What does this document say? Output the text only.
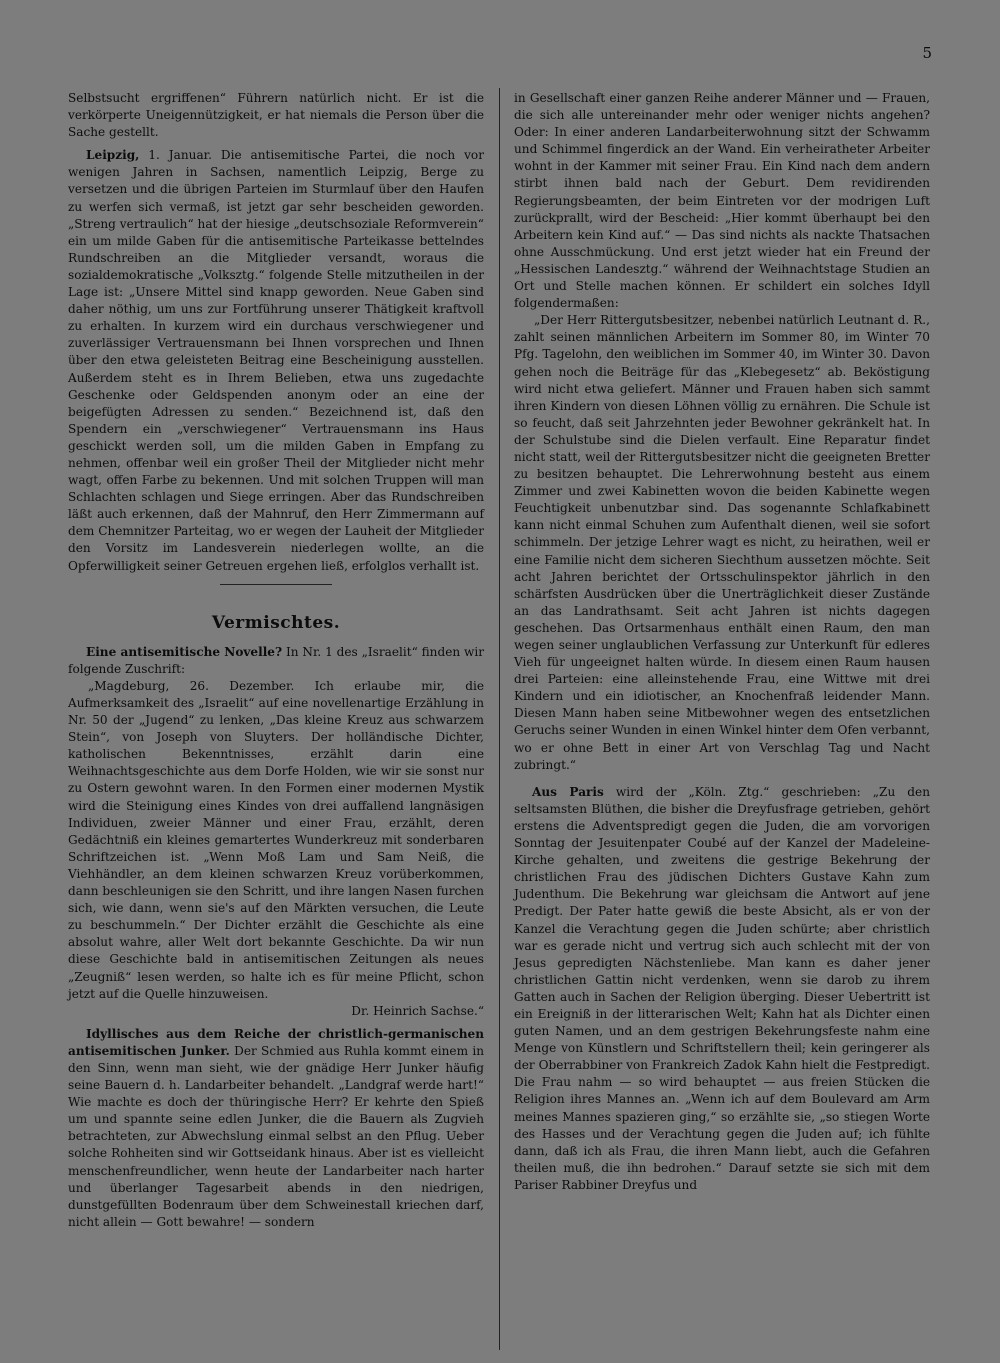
5

Selbstsucht ergriffenen“ Führern natürlich nicht. Er ist die verkörperte Uneigennützigkeit, er hat niemals die Person über die Sache gestellt.

Leipzig, 1. Januar. Die antisemitische Partei, die noch vor wenigen Jahren in Sachsen, namentlich Leipzig, Berge zu versetzen und die übrigen Parteien im Sturmlauf über den Haufen zu werfen sich vermaß, ist jetzt gar sehr bescheiden geworden. „Streng vertraulich“ hat der hiesige „deutschsoziale Reformverein“ ein um milde Gaben für die antisemitische Parteikasse bettelndes Rundschreiben an die Mitglieder versandt, woraus die sozialdemokratische „Volksztg.“ folgende Stelle mitzutheilen in der Lage ist: „Unsere Mittel sind knapp geworden. Neue Gaben sind daher nöthig, um uns zur Fortführung unserer Thätigkeit kraftvoll zu erhalten. In kurzem wird ein durchaus verschwiegener und zuverlässiger Vertrauensmann bei Ihnen vorsprechen und Ihnen über den etwa geleisteten Beitrag eine Bescheinigung ausstellen. Außerdem steht es in Ihrem Belieben, etwa uns zugedachte Geschenke oder Geldspenden anonym oder an eine der beigefügten Adressen zu senden.“ Bezeichnend ist, daß den Spendern ein „verschwiegener“ Vertrauensmann ins Haus geschickt werden soll, um die milden Gaben in Empfang zu nehmen, offenbar weil ein großer Theil der Mitglieder nicht mehr wagt, offen Farbe zu bekennen. Und mit solchen Truppen will man Schlachten schlagen und Siege erringen. Aber das Rundschreiben läßt auch erkennen, daß der Mahnruf, den Herr Zimmermann auf dem Chemnitzer Parteitag, wo er wegen der Lauheit der Mitglieder den Vorsitz im Landesverein niederlegen wollte, an die Opferwilligkeit seiner Getreuen ergehen ließ, erfolglos verhallt ist.

Vermischtes.

Eine antisemitische Novelle? In Nr. 1 des „Israelit“ finden wir folgende Zuschrift:

„Magdeburg, 26. Dezember. Ich erlaube mir, die Aufmerksamkeit des „Israelit“ auf eine novellenartige Erzählung in Nr. 50 der „Jugend“ zu lenken, „Das kleine Kreuz aus schwarzem Stein“, von Joseph von Sluyters. Der holländische Dichter, katholischen Bekenntnisses, erzählt darin eine Weihnachtsgeschichte aus dem Dorfe Holden, wie wir sie sonst nur zu Ostern gewohnt waren. In den Formen einer modernen Mystik wird die Steinigung eines Kindes von drei auffallend langnäsigen Individuen, zweier Männer und einer Frau, erzählt, deren Gedächtniß ein kleines gemartertes Wunderkreuz mit sonderbaren Schriftzeichen ist. „Wenn Moß Lam und Sam Neiß, die Viehhändler, an dem kleinen schwarzen Kreuz vorüberkommen, dann beschleunigen sie den Schritt, und ihre langen Nasen furchen sich, wie dann, wenn sie's auf den Märkten versuchen, die Leute zu beschummeln.“ Der Dichter erzählt die Geschichte als eine absolut wahre, aller Welt dort bekannte Geschichte. Da wir nun diese Geschichte bald in antisemitischen Zeitungen als neues „Zeugniß“ lesen werden, so halte ich es für meine Pflicht, schon jetzt auf die Quelle hinzuweisen.

Dr. Heinrich Sachse.“

Idyllisches aus dem Reiche der christlich-germanischen antisemitischen Junker. Der Schmied aus Ruhla kommt einem in den Sinn, wenn man sieht, wie der gnädige Herr Junker häufig seine Bauern d. h. Landarbeiter behandelt. „Landgraf werde hart!“ Wie machte es doch der thüringische Herr? Er kehrte den Spieß um und spannte seine edlen Junker, die die Bauern als Zugvieh betrachteten, zur Abwechslung einmal selbst an den Pflug. Ueber solche Rohheiten sind wir Gottseidank hinaus. Aber ist es vielleicht menschenfreundlicher, wenn heute der Landarbeiter nach harter und überlanger Tagesarbeit abends in den niedrigen, dunstgefüllten Bodenraum über dem Schweinestall kriechen darf, nicht allein — Gott bewahre! — sondern

in Gesellschaft einer ganzen Reihe anderer Männer und — Frauen, die sich alle untereinander mehr oder weniger nichts angehen? Oder: In einer anderen Landarbeiterwohnung sitzt der Schwamm und Schimmel fingerdick an der Wand. Ein verheiratheter Arbeiter wohnt in der Kammer mit seiner Frau. Ein Kind nach dem andern stirbt ihnen bald nach der Geburt. Dem revidirenden Regierungsbeamten, der beim Eintreten vor der modrigen Luft zurückprallt, wird der Bescheid: „Hier kommt überhaupt bei den Arbeitern kein Kind auf.“ — Das sind nichts als nackte Thatsachen ohne Ausschmückung. Und erst jetzt wieder hat ein Freund der „Hessischen Landesztg.“ während der Weihnachtstage Studien an Ort und Stelle machen können. Er schildert ein solches Idyll folgendermaßen:

„Der Herr Rittergutsbesitzer, nebenbei natürlich Leutnant d. R., zahlt seinen männlichen Arbeitern im Sommer 80, im Winter 70 Pfg. Tagelohn, den weiblichen im Sommer 40, im Winter 30. Davon gehen noch die Beiträge für das „Klebegesetz“ ab. Beköstigung wird nicht etwa geliefert. Männer und Frauen haben sich sammt ihren Kindern von diesen Löhnen völlig zu ernähren. Die Schule ist so feucht, daß seit Jahrzehnten jeder Bewohner gekränkelt hat. In der Schulstube sind die Dielen verfault. Eine Reparatur findet nicht statt, weil der Rittergutsbesitzer nicht die geeigneten Bretter zu besitzen behauptet. Die Lehrerwohnung besteht aus einem Zimmer und zwei Kabinetten wovon die beiden Kabinette wegen Feuchtigkeit unbenutzbar sind. Das sogenannte Schlafkabinett kann nicht einmal Schuhen zum Aufenthalt dienen, weil sie sofort schimmeln. Der jetzige Lehrer wagt es nicht, zu heirathen, weil er eine Familie nicht dem sicheren Siechthum aussetzen möchte. Seit acht Jahren berichtet der Ortsschulinspektor jährlich in den schärfsten Ausdrücken über die Unerträglichkeit dieser Zustände an das Landrathsamt. Seit acht Jahren ist nichts dagegen geschehen. Das Ortsarmenhaus enthält einen Raum, den man wegen seiner unglaublichen Verfassung zur Unterkunft für edleres Vieh für ungeeignet halten würde. In diesem einen Raum hausen drei Parteien: eine alleinstehende Frau, eine Wittwe mit drei Kindern und ein idiotischer, an Knochenfraß leidender Mann. Diesen Mann haben seine Mitbewohner wegen des entsetzlichen Geruchs seiner Wunden in einen Winkel hinter dem Ofen verbannt, wo er ohne Bett in einer Art von Verschlag Tag und Nacht zubringt.“

Aus Paris wird der „Köln. Ztg.“ geschrieben: „Zu den seltsamsten Blüthen, die bisher die Dreyfusfrage getrieben, gehört erstens die Adventspredigt gegen die Juden, die am vorvorigen Sonntag der Jesuitenpater Coubé auf der Kanzel der Madeleine-Kirche gehalten, und zweitens die gestrige Bekehrung der christlichen Frau des jüdischen Dichters Gustave Kahn zum Judenthum. Die Bekehrung war gleichsam die Antwort auf jene Predigt. Der Pater hatte gewiß die beste Absicht, als er von der Kanzel die Verachtung gegen die Juden schürte; aber christlich war es gerade nicht und vertrug sich auch schlecht mit der von Jesus gepredigten Nächstenliebe. Man kann es daher jener christlichen Gattin nicht verdenken, wenn sie darob zu ihrem Gatten auch in Sachen der Religion überging. Dieser Uebertritt ist ein Ereigniß in der litterarischen Welt; Kahn hat als Dichter einen guten Namen, und an dem gestrigen Bekehrungsfeste nahm eine Menge von Künstlern und Schriftstellern theil; kein geringerer als der Oberrabbiner von Frankreich Zadok Kahn hielt die Festpredigt. Die Frau nahm — so wird behauptet — aus freien Stücken die Religion ihres Mannes an. „Wenn ich auf dem Boulevard am Arm meines Mannes spazieren ging,“ so erzählte sie, „so stiegen Worte des Hasses und der Verachtung gegen die Juden auf; ich fühlte dann, daß ich als Frau, die ihren Mann liebt, auch die Gefahren theilen muß, die ihn bedrohen.“ Darauf setzte sie sich mit dem Pariser Rabbiner Dreyfus und
